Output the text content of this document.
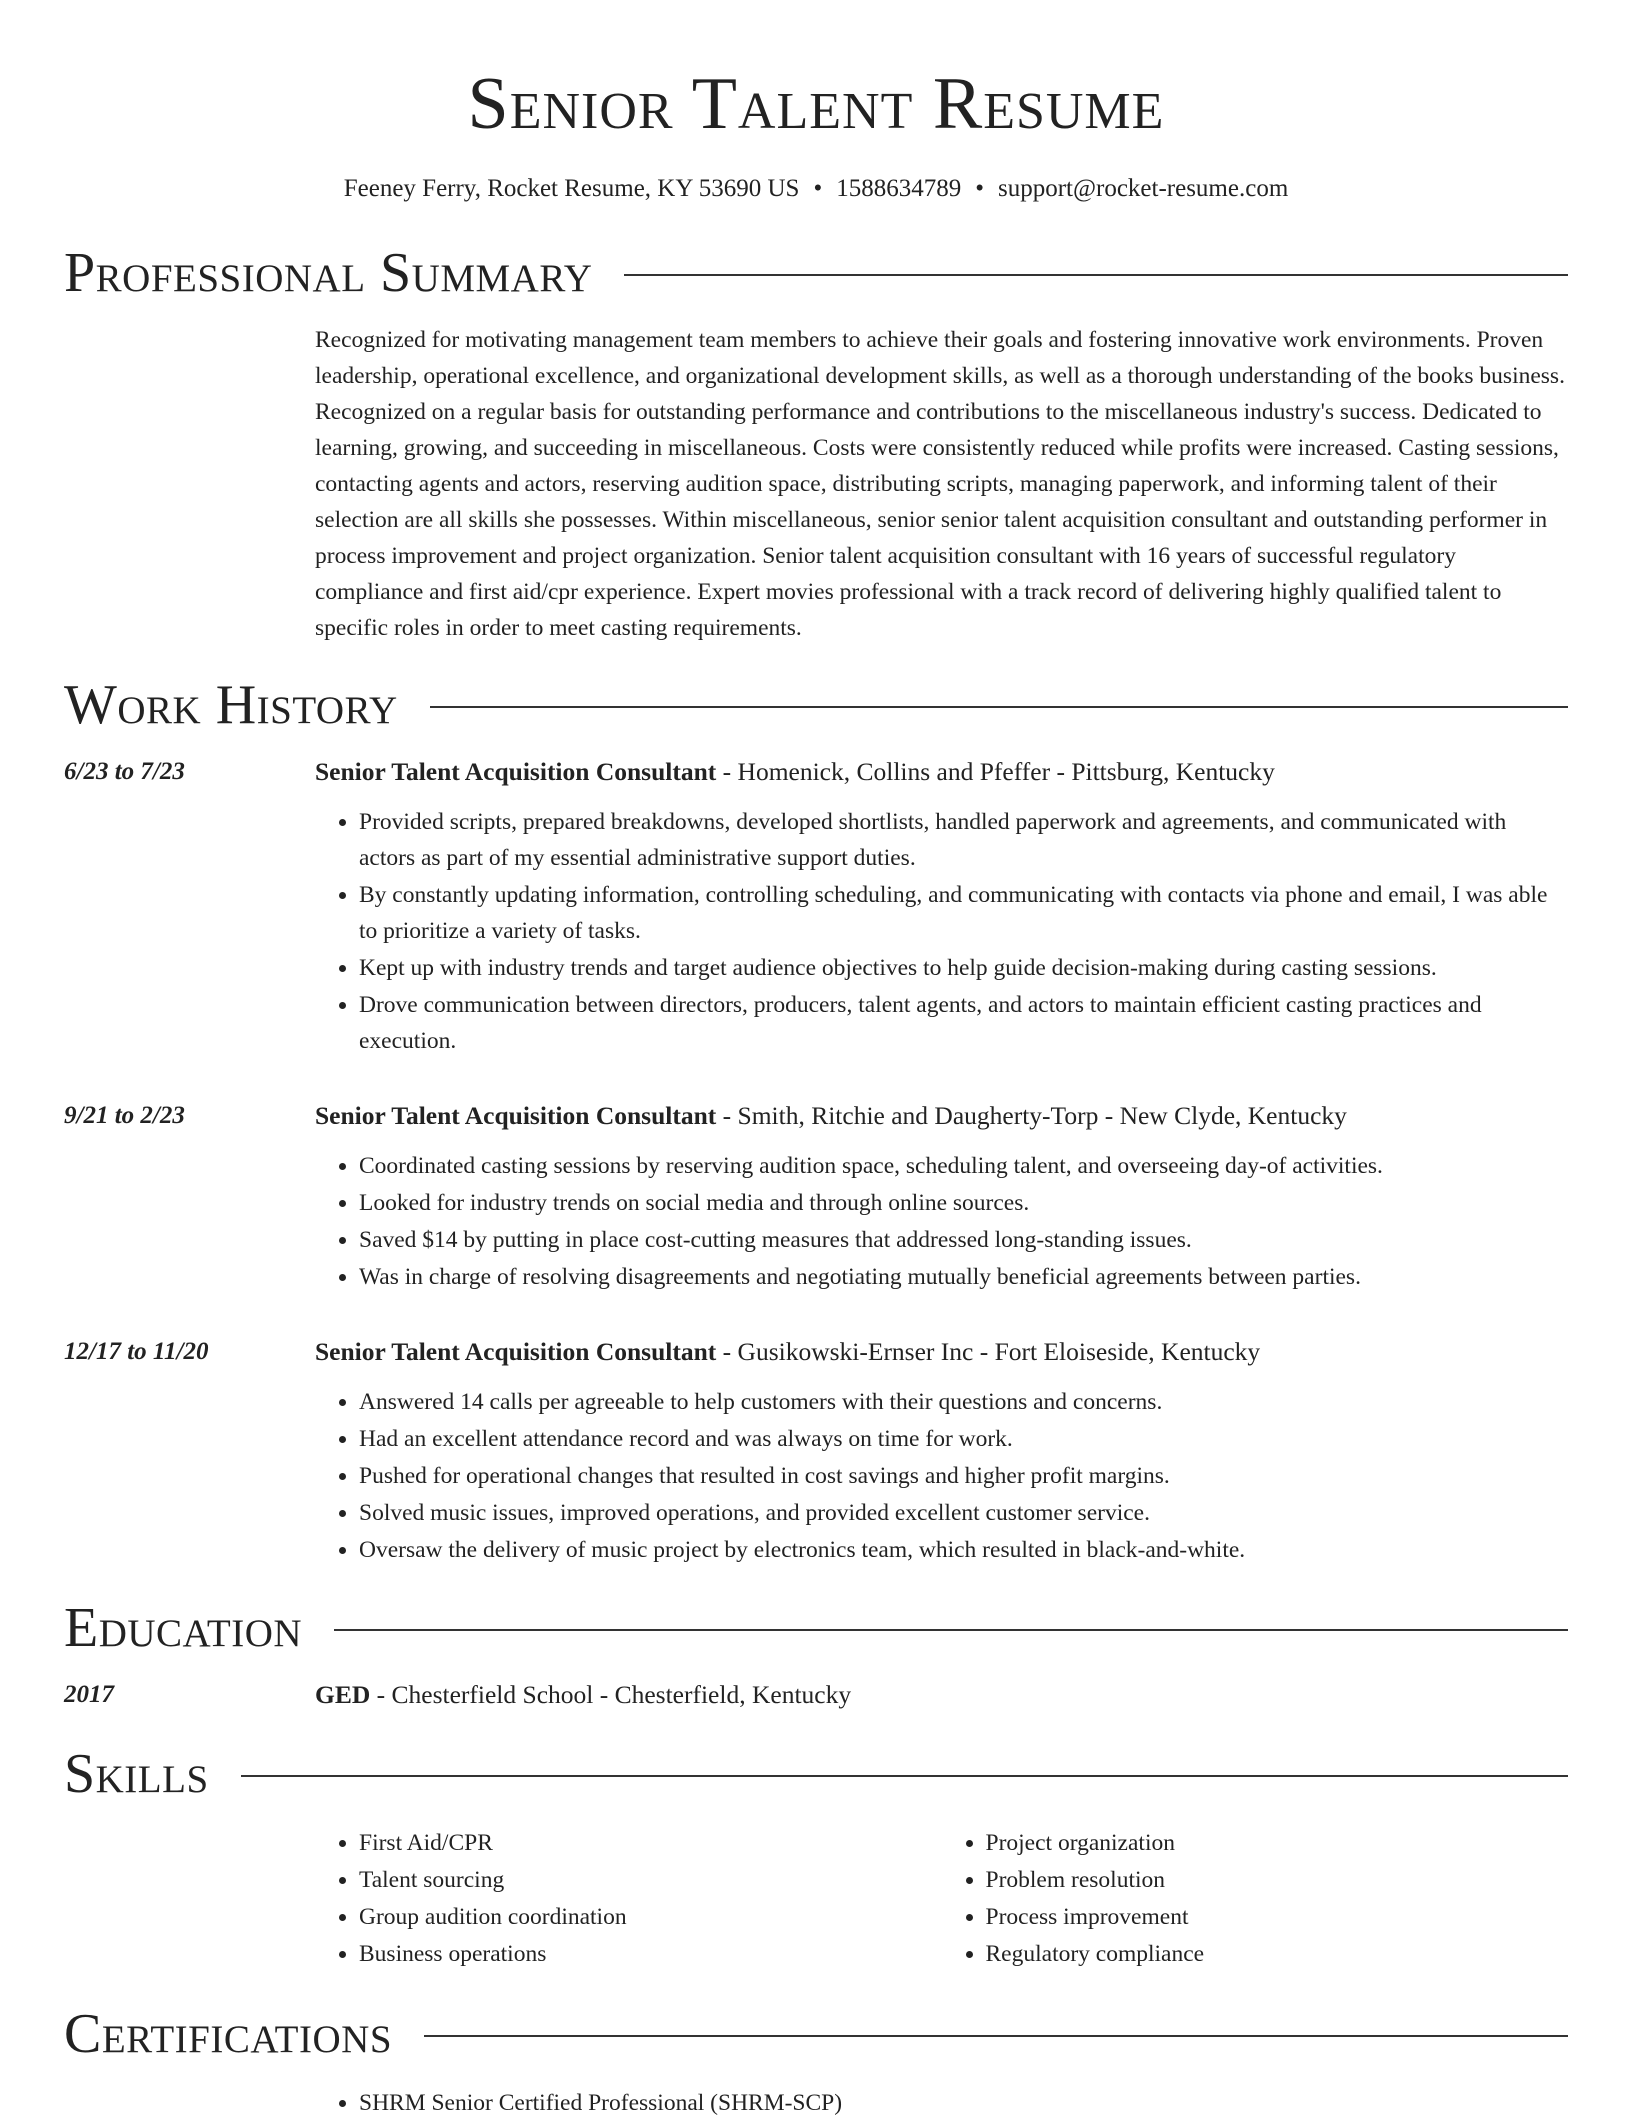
Senior Talent Resume
Feeney Ferry, Rocket Resume, KY 53690 US • 1588634789 • support@rocket-resume.com
Professional Summary
Recognized for motivating management team members to achieve their goals and fostering innovative work environments. Proven leadership, operational excellence, and organizational development skills, as well as a thorough understanding of the books business. Recognized on a regular basis for outstanding performance and contributions to the miscellaneous industry's success. Dedicated to learning, growing, and succeeding in miscellaneous. Costs were consistently reduced while profits were increased. Casting sessions, contacting agents and actors, reserving audition space, distributing scripts, managing paperwork, and informing talent of their selection are all skills she possesses. Within miscellaneous, senior senior talent acquisition consultant and outstanding performer in process improvement and project organization. Senior talent acquisition consultant with 16 years of successful regulatory compliance and first aid/cpr experience. Expert movies professional with a track record of delivering highly qualified talent to specific roles in order to meet casting requirements.
Work History
6/23 to 7/23	Senior Talent Acquisition Consultant - Homenick, Collins and Pfeffer - Pittsburg, Kentucky
• Provided scripts, prepared breakdowns, developed shortlists, handled paperwork and agreements, and communicated with actors as part of my essential administrative support duties.
• By constantly updating information, controlling scheduling, and communicating with contacts via phone and email, I was able to prioritize a variety of tasks.
• Kept up with industry trends and target audience objectives to help guide decision-making during casting sessions.
• Drove communication between directors, producers, talent agents, and actors to maintain efficient casting practices and execution.
9/21 to 2/23	Senior Talent Acquisition Consultant - Smith, Ritchie and Daugherty-Torp - New Clyde, Kentucky
• Coordinated casting sessions by reserving audition space, scheduling talent, and overseeing day-of activities.
• Looked for industry trends on social media and through online sources.
• Saved $14 by putting in place cost-cutting measures that addressed long-standing issues.
• Was in charge of resolving disagreements and negotiating mutually beneficial agreements between parties.
12/17 to 11/20	Senior Talent Acquisition Consultant - Gusikowski-Ernser Inc - Fort Eloiseside, Kentucky
• Answered 14 calls per agreeable to help customers with their questions and concerns.
• Had an excellent attendance record and was always on time for work.
• Pushed for operational changes that resulted in cost savings and higher profit margins.
• Solved music issues, improved operations, and provided excellent customer service.
• Oversaw the delivery of music project by electronics team, which resulted in black-and-white.
Education
2017	GED - Chesterfield School - Chesterfield, Kentucky
Skills
• First Aid/CPR
• Talent sourcing
• Group audition coordination
• Business operations
• Project organization
• Problem resolution
• Process improvement
• Regulatory compliance
Certifications
• SHRM Senior Certified Professional (SHRM-SCP)
